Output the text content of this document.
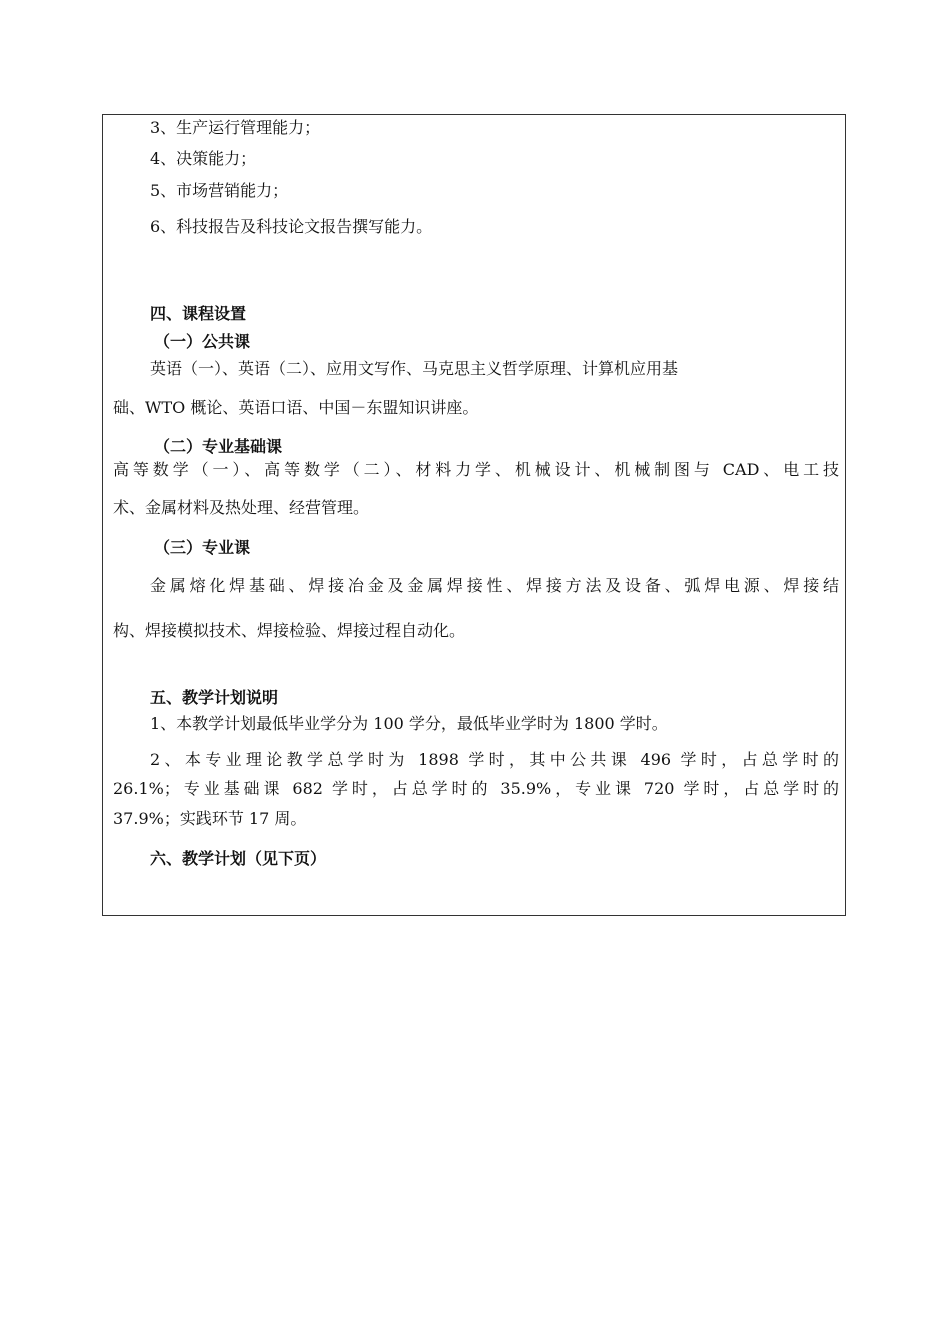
3、生产运行管理能力；
4、决策能力；
5、市场营销能力；
6、科技报告及科技论文报告撰写能力。
四、课程设置
（一）公共课
英语（一）、英语（二）、应用文写作、马克思主义哲学原理、计算机应用基
础、WTO 概论、英语口语、中国－东盟知识讲座。
（二）专业基础课
高等数学（一）、高等数学（二）、材料力学、机械设计、机械制图与 CAD、电工技
术、金属材料及热处理、经营管理。
（三）专业课
金属熔化焊基础、焊接冶金及金属焊接性、焊接方法及设备、弧焊电源、焊接结
构、焊接模拟技术、焊接检验、焊接过程自动化。
五、教学计划说明
1、本教学计划最低毕业学分为 100 学分，最低毕业学时为 1800 学时。
2、本专业理论教学总学时为 1898 学时，其中公共课 496 学时，占总学时的
26.1%；专业基础课 682 学时，占总学时的 35.9%，专业课 720 学时，占总学时的
37.9%；实践环节 17 周。
六、教学计划（见下页）
